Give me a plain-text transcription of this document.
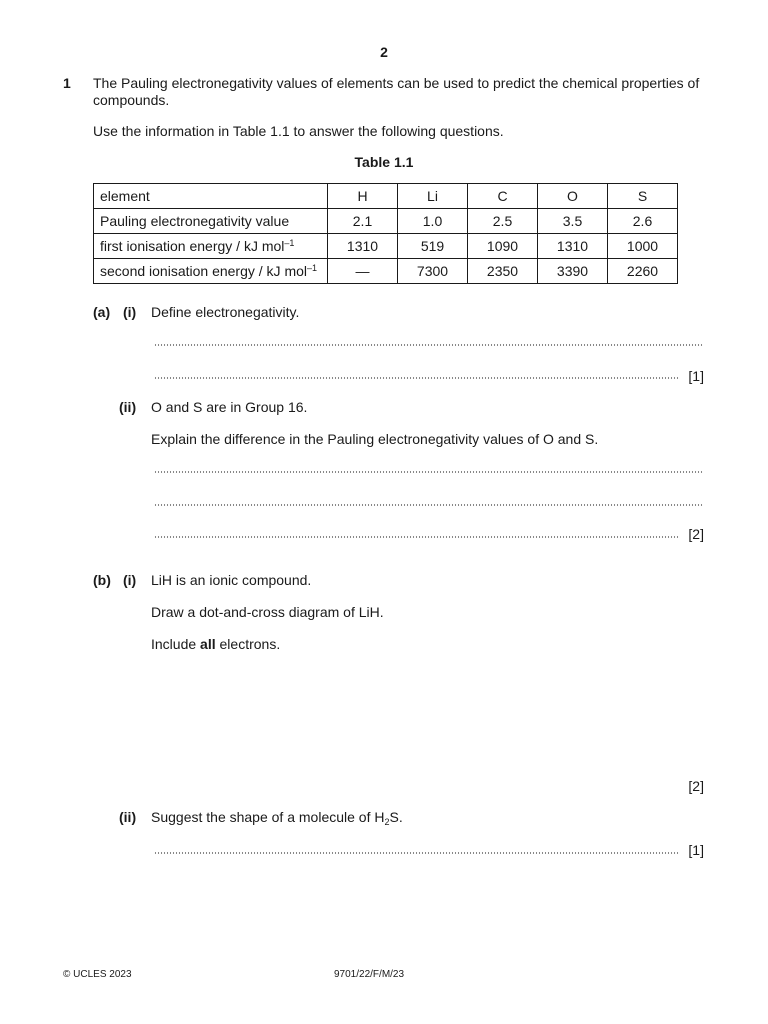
2
1 The Pauling electronegativity values of elements can be used to predict the chemical properties of compounds.
Use the information in Table 1.1 to answer the following questions.
Table 1.1
element	H	Li	C	O	S
Pauling electronegativity value	2.1	1.0	2.5	3.5	2.6
first ionisation energy / kJ mol$^{-1}$	1310	519	1090	1310	1000
second ionisation energy / kJ mol$^{-1}$	—	7300	2350	3390	2260
(a) (i) Define electronegativity.
[1]
(ii) O and S are in Group 16.
Explain the difference in the Pauling electronegativity values of O and S.
[2]
(b) (i) LiH is an ionic compound.
Draw a dot-and-cross diagram of LiH.
Include all electrons.
[2]
(ii) Suggest the shape of a molecule of $H_2S$.
[1]
© UCLES 2023	9701/22/F/M/23
